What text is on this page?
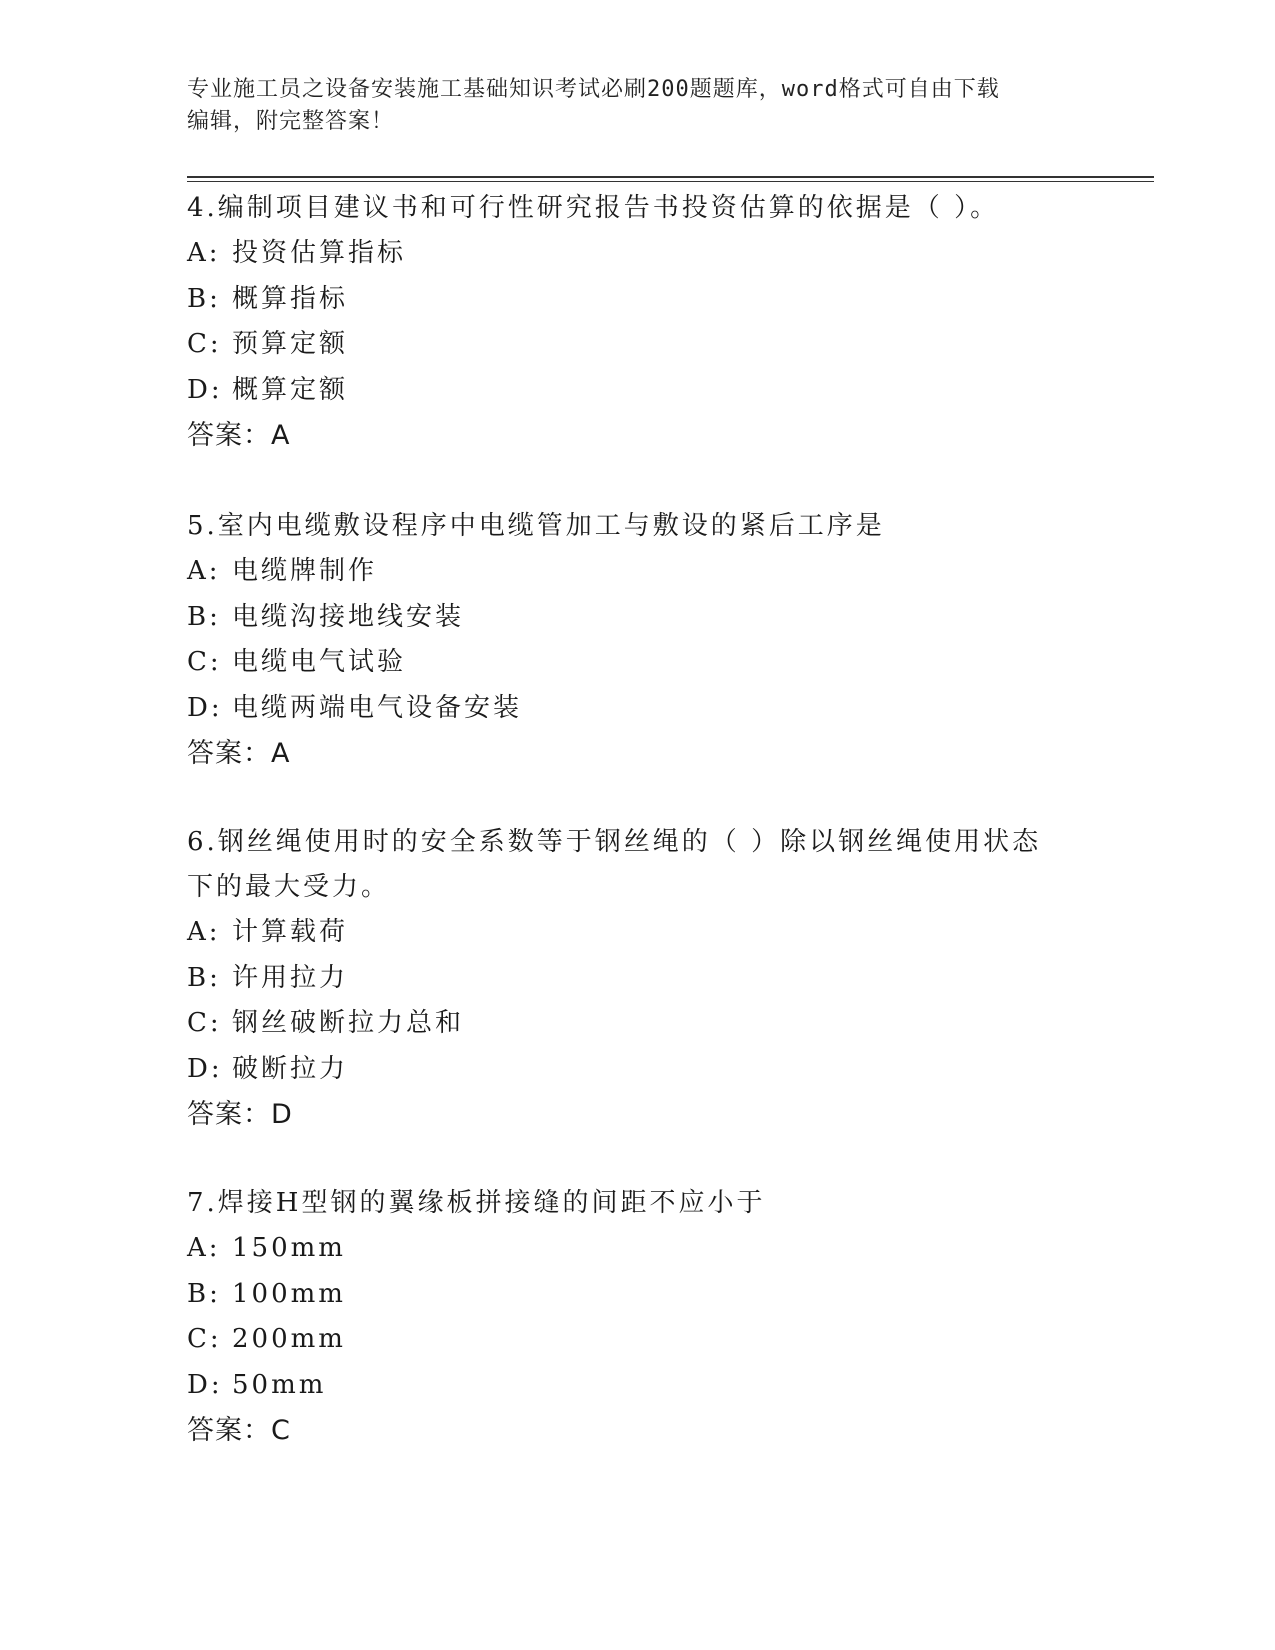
专业施工员之设备安装施工基础知识考试必刷200题题库，word格式可自由下载
编辑，附完整答案！

4.编制项目建议书和可行性研究报告书投资估算的依据是（ ）。

A: 投资估算指标

B: 概算指标

C: 预算定额

D: 概算定额

答案：A

5.室内电缆敷设程序中电缆管加工与敷设的紧后工序是

A: 电缆牌制作

B: 电缆沟接地线安装

C: 电缆电气试验

D: 电缆两端电气设备安装

答案：A

6.钢丝绳使用时的安全系数等于钢丝绳的（ ）除以钢丝绳使用状态下的最大受力。

A: 计算载荷

B: 许用拉力

C: 钢丝破断拉力总和

D: 破断拉力

答案：D

7.焊接H型钢的翼缘板拼接缝的间距不应小于

A: 150mm

B: 100mm

C: 200mm

D: 50mm

答案：C
